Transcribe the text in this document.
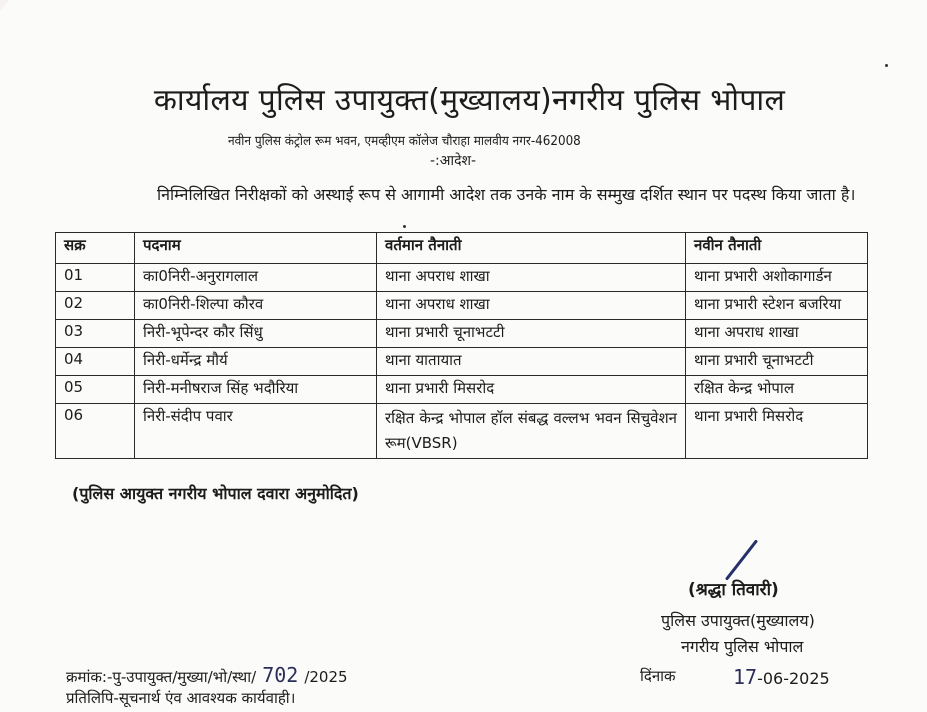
कार्यालय पुलिस उपायुक्त(मुख्यालय)नगरीय पुलिस भोपाल
नवीन पुलिस कंट्रोल रूम भवन, एमव्हीएम कॉलेज चौराहा मालवीय नगर-462008
-:आदेश-
निम्निलिखित निरीक्षकों को अस्थाई रूप से आगामी आदेश तक उनके नाम के सम्मुख दर्शित स्थान पर पदस्थ किया जाता है।
सक्र	पदनाम	वर्तमान तैनाती	नवीन तैनाती
01	का0निरी-अनुरागलाल	थाना अपराध शाखा	थाना प्रभारी अशोकागार्डन
02	का0निरी-शिल्पा कौरव	थाना अपराध शाखा	थाना प्रभारी स्टेशन बजरिया
03	निरी-भूपेन्दर कौर सिंधु	थाना प्रभारी चूनाभटटी	थाना अपराध शाखा
04	निरी-धर्मेन्द्र मौर्य	थाना यातायात	थाना प्रभारी चूनाभटटी
05	निरी-मनीषराज सिंह भदौरिया	थाना प्रभारी मिसरोद	रक्षित केन्द्र भोपाल
06	निरी-संदीप पवार	रक्षित केन्द्र भोपाल हॉल संबद्ध वल्लभ भवन सिचुवेशन रूम(VBSR)	थाना प्रभारी मिसरोद
(पुलिस आयुक्त नगरीय भोपाल दवारा अनुमोदित)
(श्रद्धा तिवारी)
पुलिस उपायुक्त(मुख्यालय)
नगरीय पुलिस भोपाल
क्रमांक:-पु-उपायुक्त/मुख्या/भो/स्था/ 702 /2025
प्रतिलिपि-सूचनार्थ एंव आवश्यक कार्यवाही।
दिंनाक	17-06-2025
